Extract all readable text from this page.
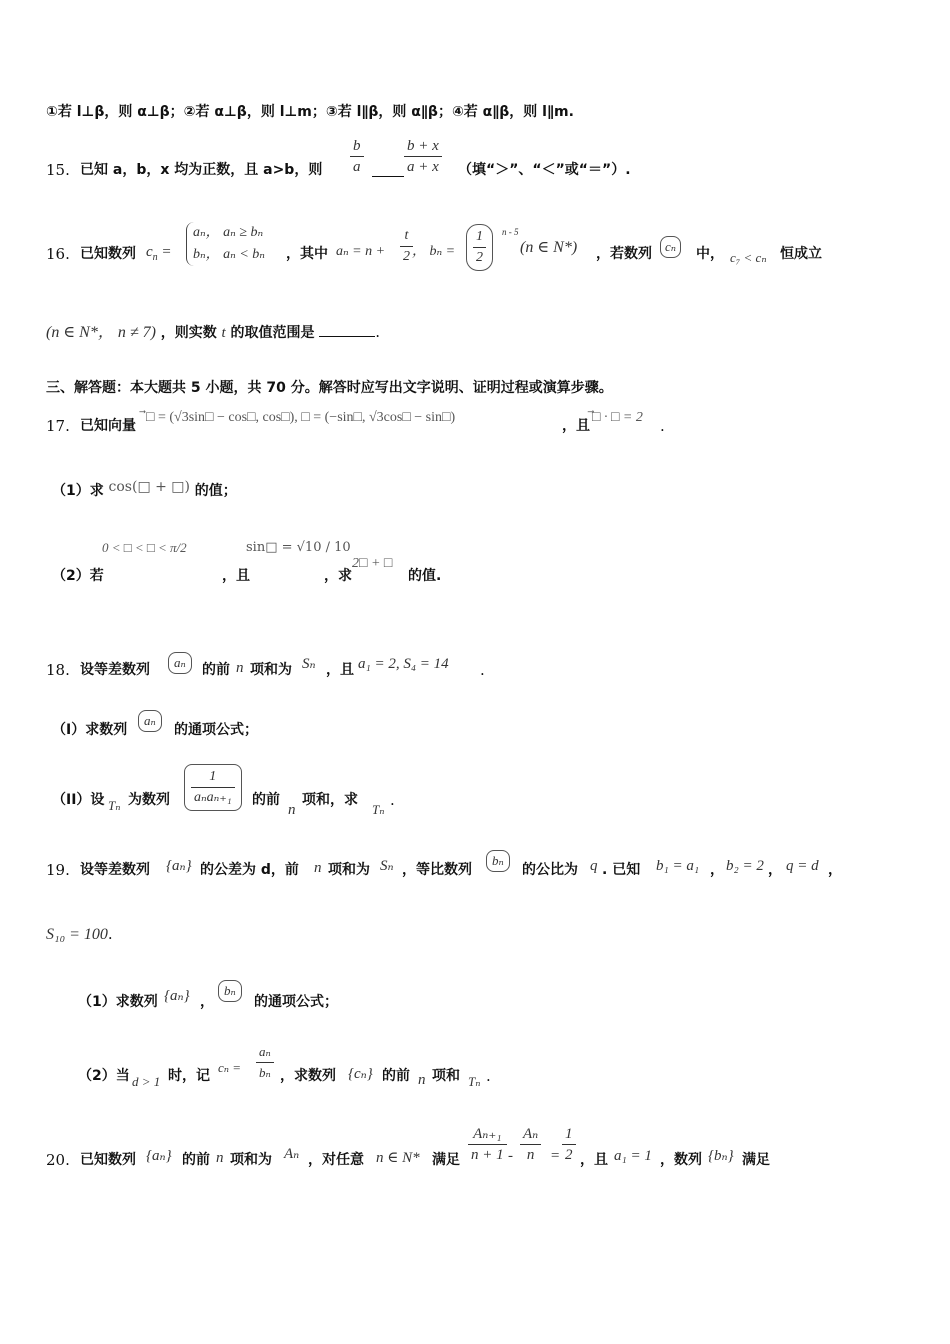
①若 l⊥β，则 α⊥β；②若 α⊥β，则 l⊥m；③若 l∥β，则 α∥β；④若 α∥β，则 l∥m.
15. 已知 a，b，x 均为正数，且 a>b，则 $\frac{b}{a}$	$\frac{b + x}{a + x}$ （填“＞”、“＜”或“＝”）.
16. 已知数列 $c_n$ =
aₙ， aₙ ≥ bₙ
bₙ， aₙ < bₙ ，其中 $a_n = n + \frac{t}{2}$ ， $b_n = \frac{1}{2}$ n - 5
(n ∈ N*) ，若数列	cₙ	中， c₇ < cₙ 恒成立
(n ∈ N*， n ≠ 7) ，则实数 t 的取值范围是	.
三、解答题：本大题共 5 小题，共 70 分。解答时应写出文字说明、证明过程或演算步骤。
17. 已知向量
⃗□ = (√3sin□ − cos□, cos□), □ = (−sin□, √3cos□ − sin□)
，且
⃗□ · □ = 2 .
（1）求 cos(□ + □) 的值；
0 < □ < □ < π/2	sin□ = √10 / 10
（2）若	，且	，求
2□ + □
的值.
18. 设等差数列	aₙ	的前 n 项和为 Sₙ ，且 a₁ = 2, S₄ = 14 .
（I）求数列
aₙ
的通项公式；
（II）设 Tₙ 为数列 $\frac{1}{\text{aₙaₙ₊₁}}$ 的前
n
项和，求
Tₙ
.
19. 设等差数列 {aₙ} 的公差为 d，前 n 项和为 Sₙ ，等比数列
bₙ
的公比为 q . 已知 b₁ = a₁ ， b₂ = 2 ， q = d ，
S₁₀ = 100.
（1）求数列 {aₙ} ，
bₙ
的通项公式；
（2）当 d > 1 时，记
$c_n = \frac{\text{aₙ}}{\text{bₙ}}$ ，求数列 {cₙ} 的前 n 项和 Tₙ .
20. 已知数列 {aₙ} 的前 n 项和为 Aₙ ，对任意 n ∈ N* 满足 $\frac{\text{Aₙ₊₁}}{n + 1} - \frac{\text{Aₙ}}{n} = \frac{1}{2}$ ，且 a₁ = 1 ，数列 {bₙ} 满足
